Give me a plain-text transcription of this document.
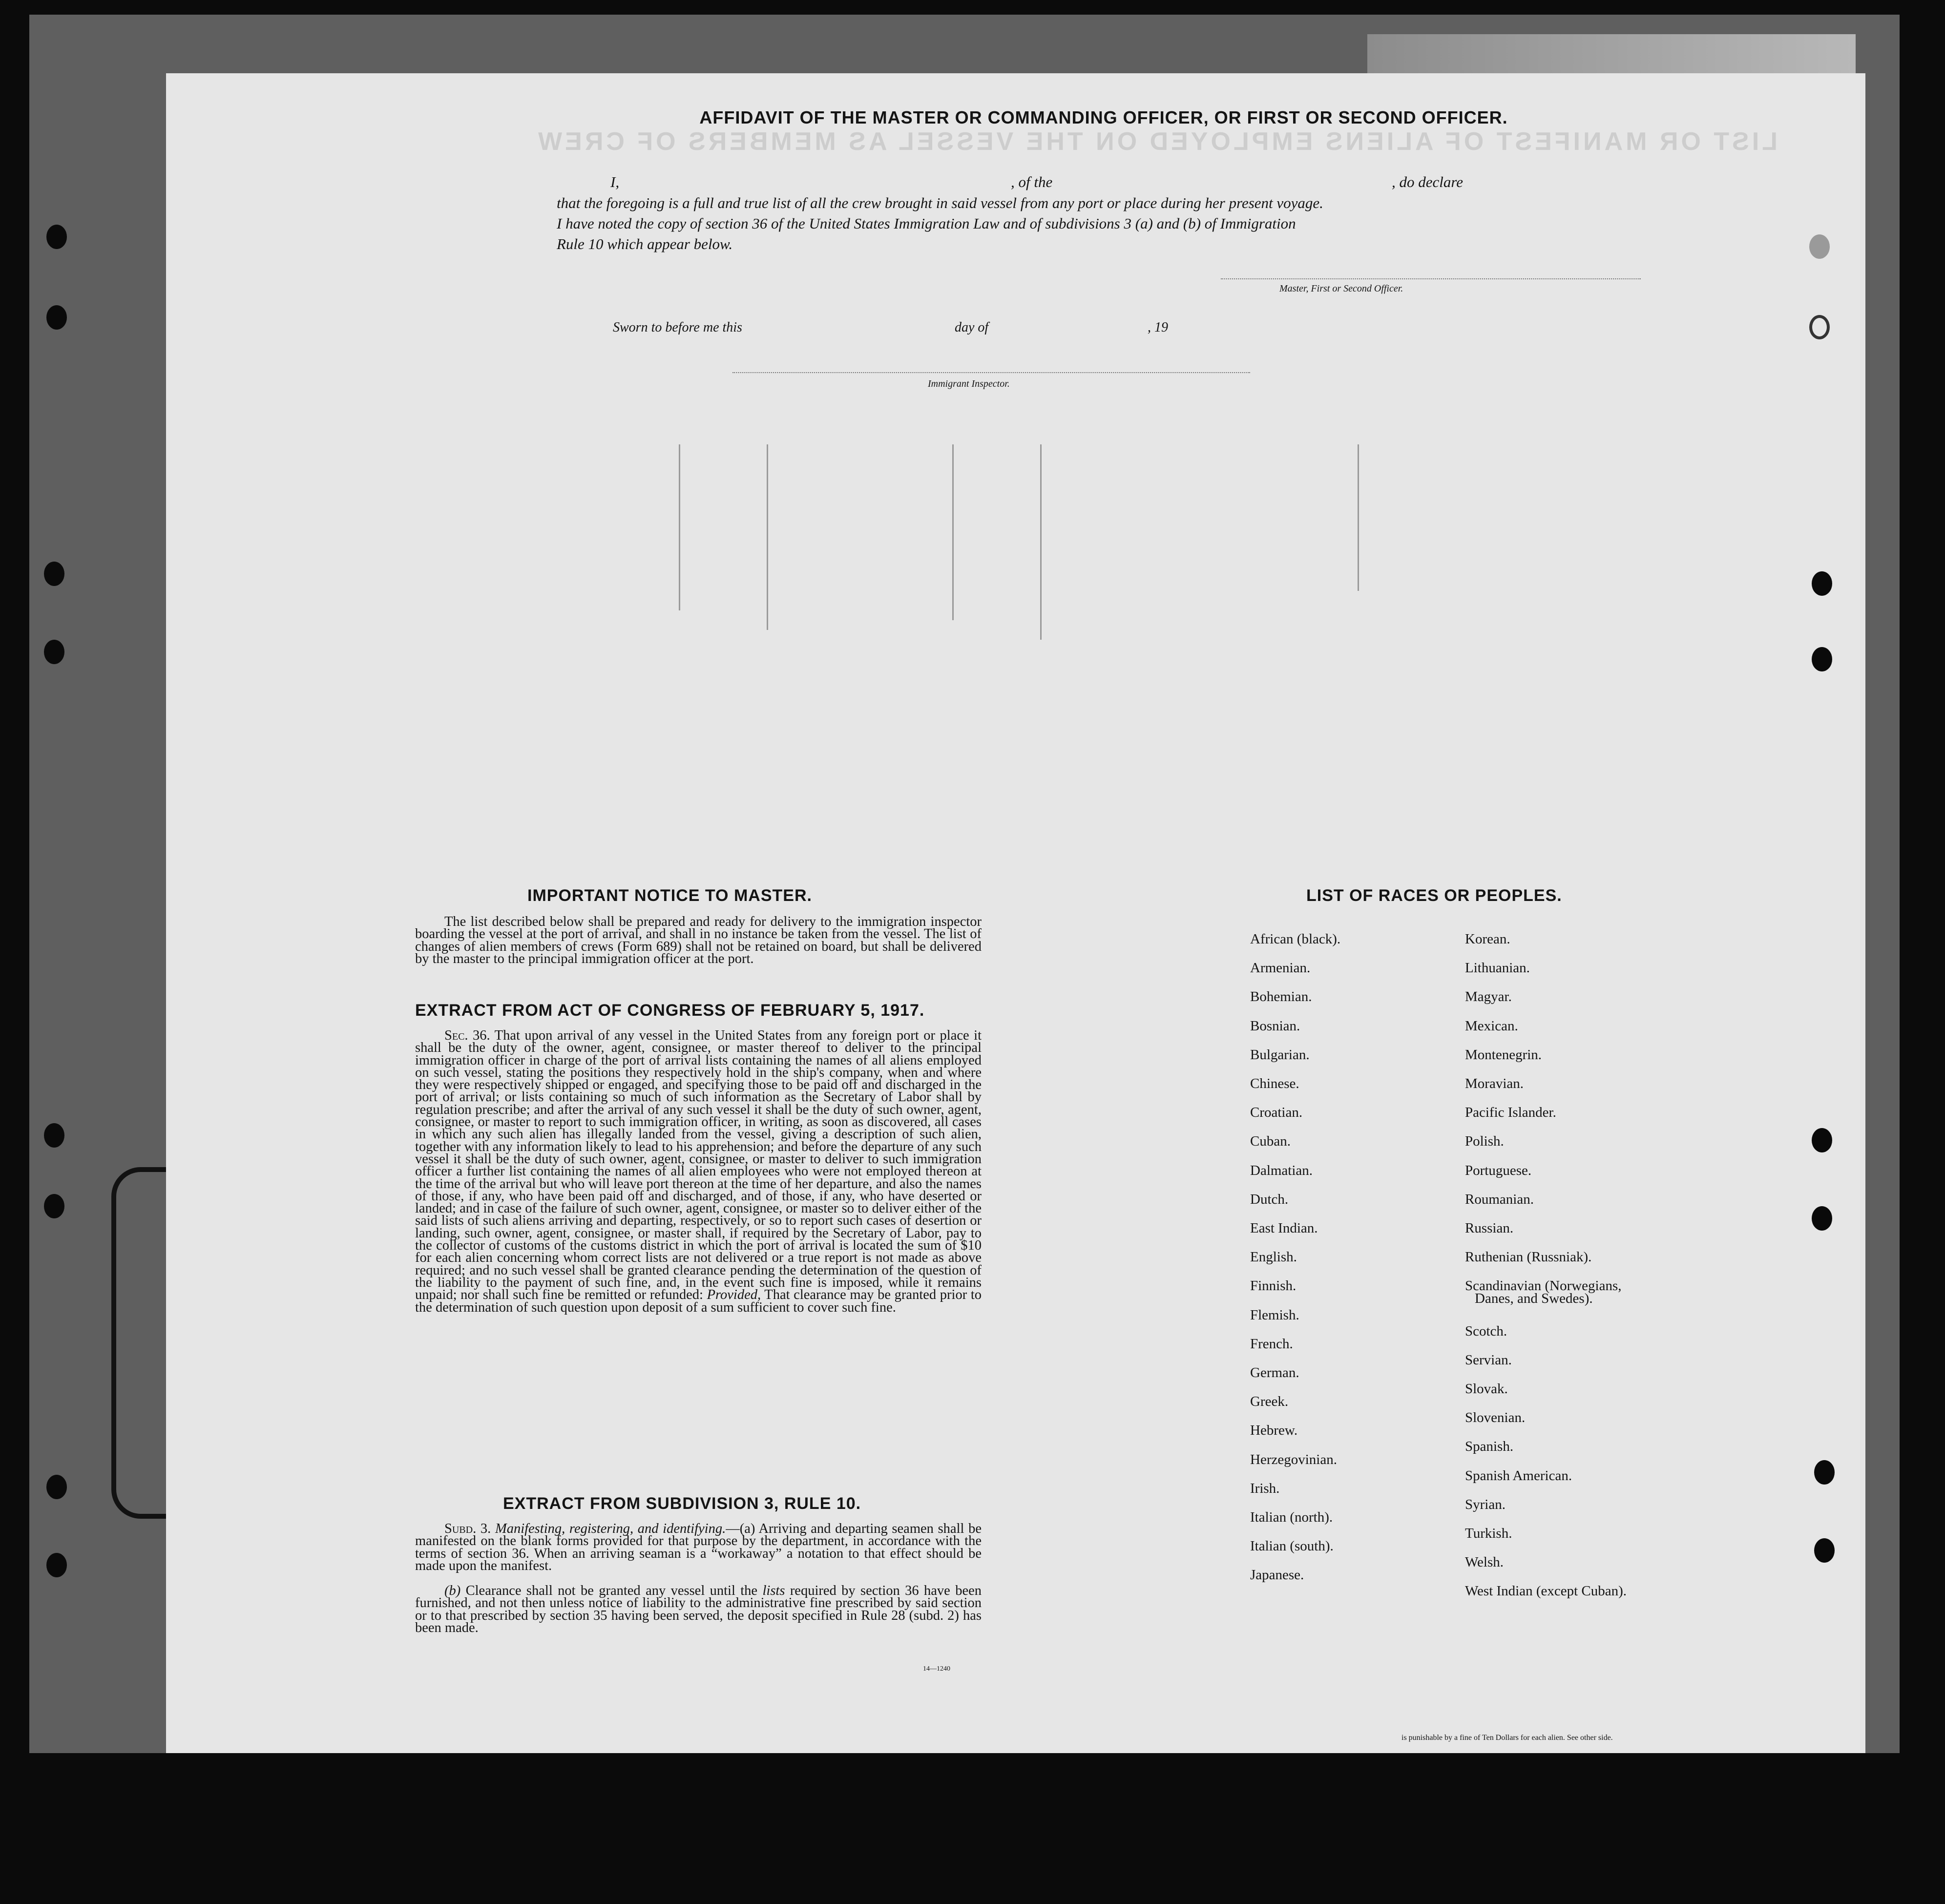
LIST OR MANIFEST OF ALIENS EMPLOYED ON THE VESSEL AS MEMBERS OF CREW
AFFIDAVIT OF THE MASTER OR COMMANDING OFFICER, OR FIRST OR SECOND OFFICER.
I,	, of the	, do declare
that the foregoing is a full and true list of all the crew brought in said vessel from any port or place during her present voyage.
I have noted the copy of section 36 of the United States Immigration Law and of subdivisions 3 (a) and (b) of Immigration
Rule 10 which appear below.
Master, First or Second Officer.
Sworn to before me this	day of	, 19
Immigrant Inspector.
IMPORTANT NOTICE TO MASTER.
The list described below shall be prepared and ready for delivery to the immigration inspector boarding the vessel at the port of arrival, and shall in no instance be taken from the vessel. The list of changes of alien members of crews (Form 689) shall not be retained on board, but shall be delivered by the master to the principal immigration officer at the port.
EXTRACT FROM ACT OF CONGRESS OF FEBRUARY 5, 1917.
Sec. 36. That upon arrival of any vessel in the United States from any foreign port or place it shall be the duty of the owner, agent, consignee, or master thereof to deliver to the principal immigration officer in charge of the port of arrival lists containing the names of all aliens employed on such vessel, stating the positions they respectively hold in the ship's company, when and where they were respectively shipped or engaged, and specifying those to be paid off and discharged in the port of arrival; or lists containing so much of such information as the Secretary of Labor shall by regulation prescribe; and after the arrival of any such vessel it shall be the duty of such owner, agent, consignee, or master to report to such immigration officer, in writing, as soon as discovered, all cases in which any such alien has illegally landed from the vessel, giving a description of such alien, together with any information likely to lead to his apprehension; and before the departure of any such vessel it shall be the duty of such owner, agent, consignee, or master to deliver to such immigration officer a further list containing the names of all alien employees who were not employed thereon at the time of the arrival but who will leave port thereon at the time of her departure, and also the names of those, if any, who have been paid off and discharged, and of those, if any, who have deserted or landed; and in case of the failure of such owner, agent, consignee, or master so to deliver either of the said lists of such aliens arriving and departing, respectively, or so to report such cases of desertion or landing, such owner, agent, consignee, or master shall, if required by the Secretary of Labor, pay to the collector of customs of the customs district in which the port of arrival is located the sum of $10 for each alien concerning whom correct lists are not delivered or a true report is not made as above required; and no such vessel shall be granted clearance pending the determination of the question of the liability to the payment of such fine, and, in the event such fine is imposed, while it remains unpaid; nor shall such fine be remitted or refunded: Provided, That clearance may be granted prior to the determination of such question upon deposit of a sum sufficient to cover such fine.
EXTRACT FROM SUBDIVISION 3, RULE 10.
Subd. 3. Manifesting, registering, and identifying.—(a) Arriving and departing seamen shall be manifested on the blank forms provided for that purpose by the department, in accordance with the terms of section 36. When an arriving seaman is a “workaway” a notation to that effect should be made upon the manifest.
(b) Clearance shall not be granted any vessel until the lists required by section 36 have been furnished, and not then unless notice of liability to the administrative fine prescribed by said section or to that prescribed by section 35 having been served, the deposit specified in Rule 28 (subd. 2) has been made.
14—1240
LIST OF RACES OR PEOPLES.
is punishable by a fine of Ten Dollars for each alien. See other side.
African (black).
Armenian.
Bohemian.
Bosnian.
Bulgarian.
Chinese.
Croatian.
Cuban.
Dalmatian.
Dutch.
East Indian.
English.
Finnish.
Flemish.
French.
German.
Greek.
Hebrew.
Herzegovinian.
Irish.
Italian (north).
Italian (south).
Japanese.
Korean.
Lithuanian.
Magyar.
Mexican.
Montenegrin.
Moravian.
Pacific Islander.
Polish.
Portuguese.
Roumanian.
Russian.
Ruthenian (Russniak).
Scandinavian (Norwegians,
Danes, and Swedes).
Scotch.
Servian.
Slovak.
Slovenian.
Spanish.
Spanish American.
Syrian.
Turkish.
Welsh.
West Indian (except Cuban).
